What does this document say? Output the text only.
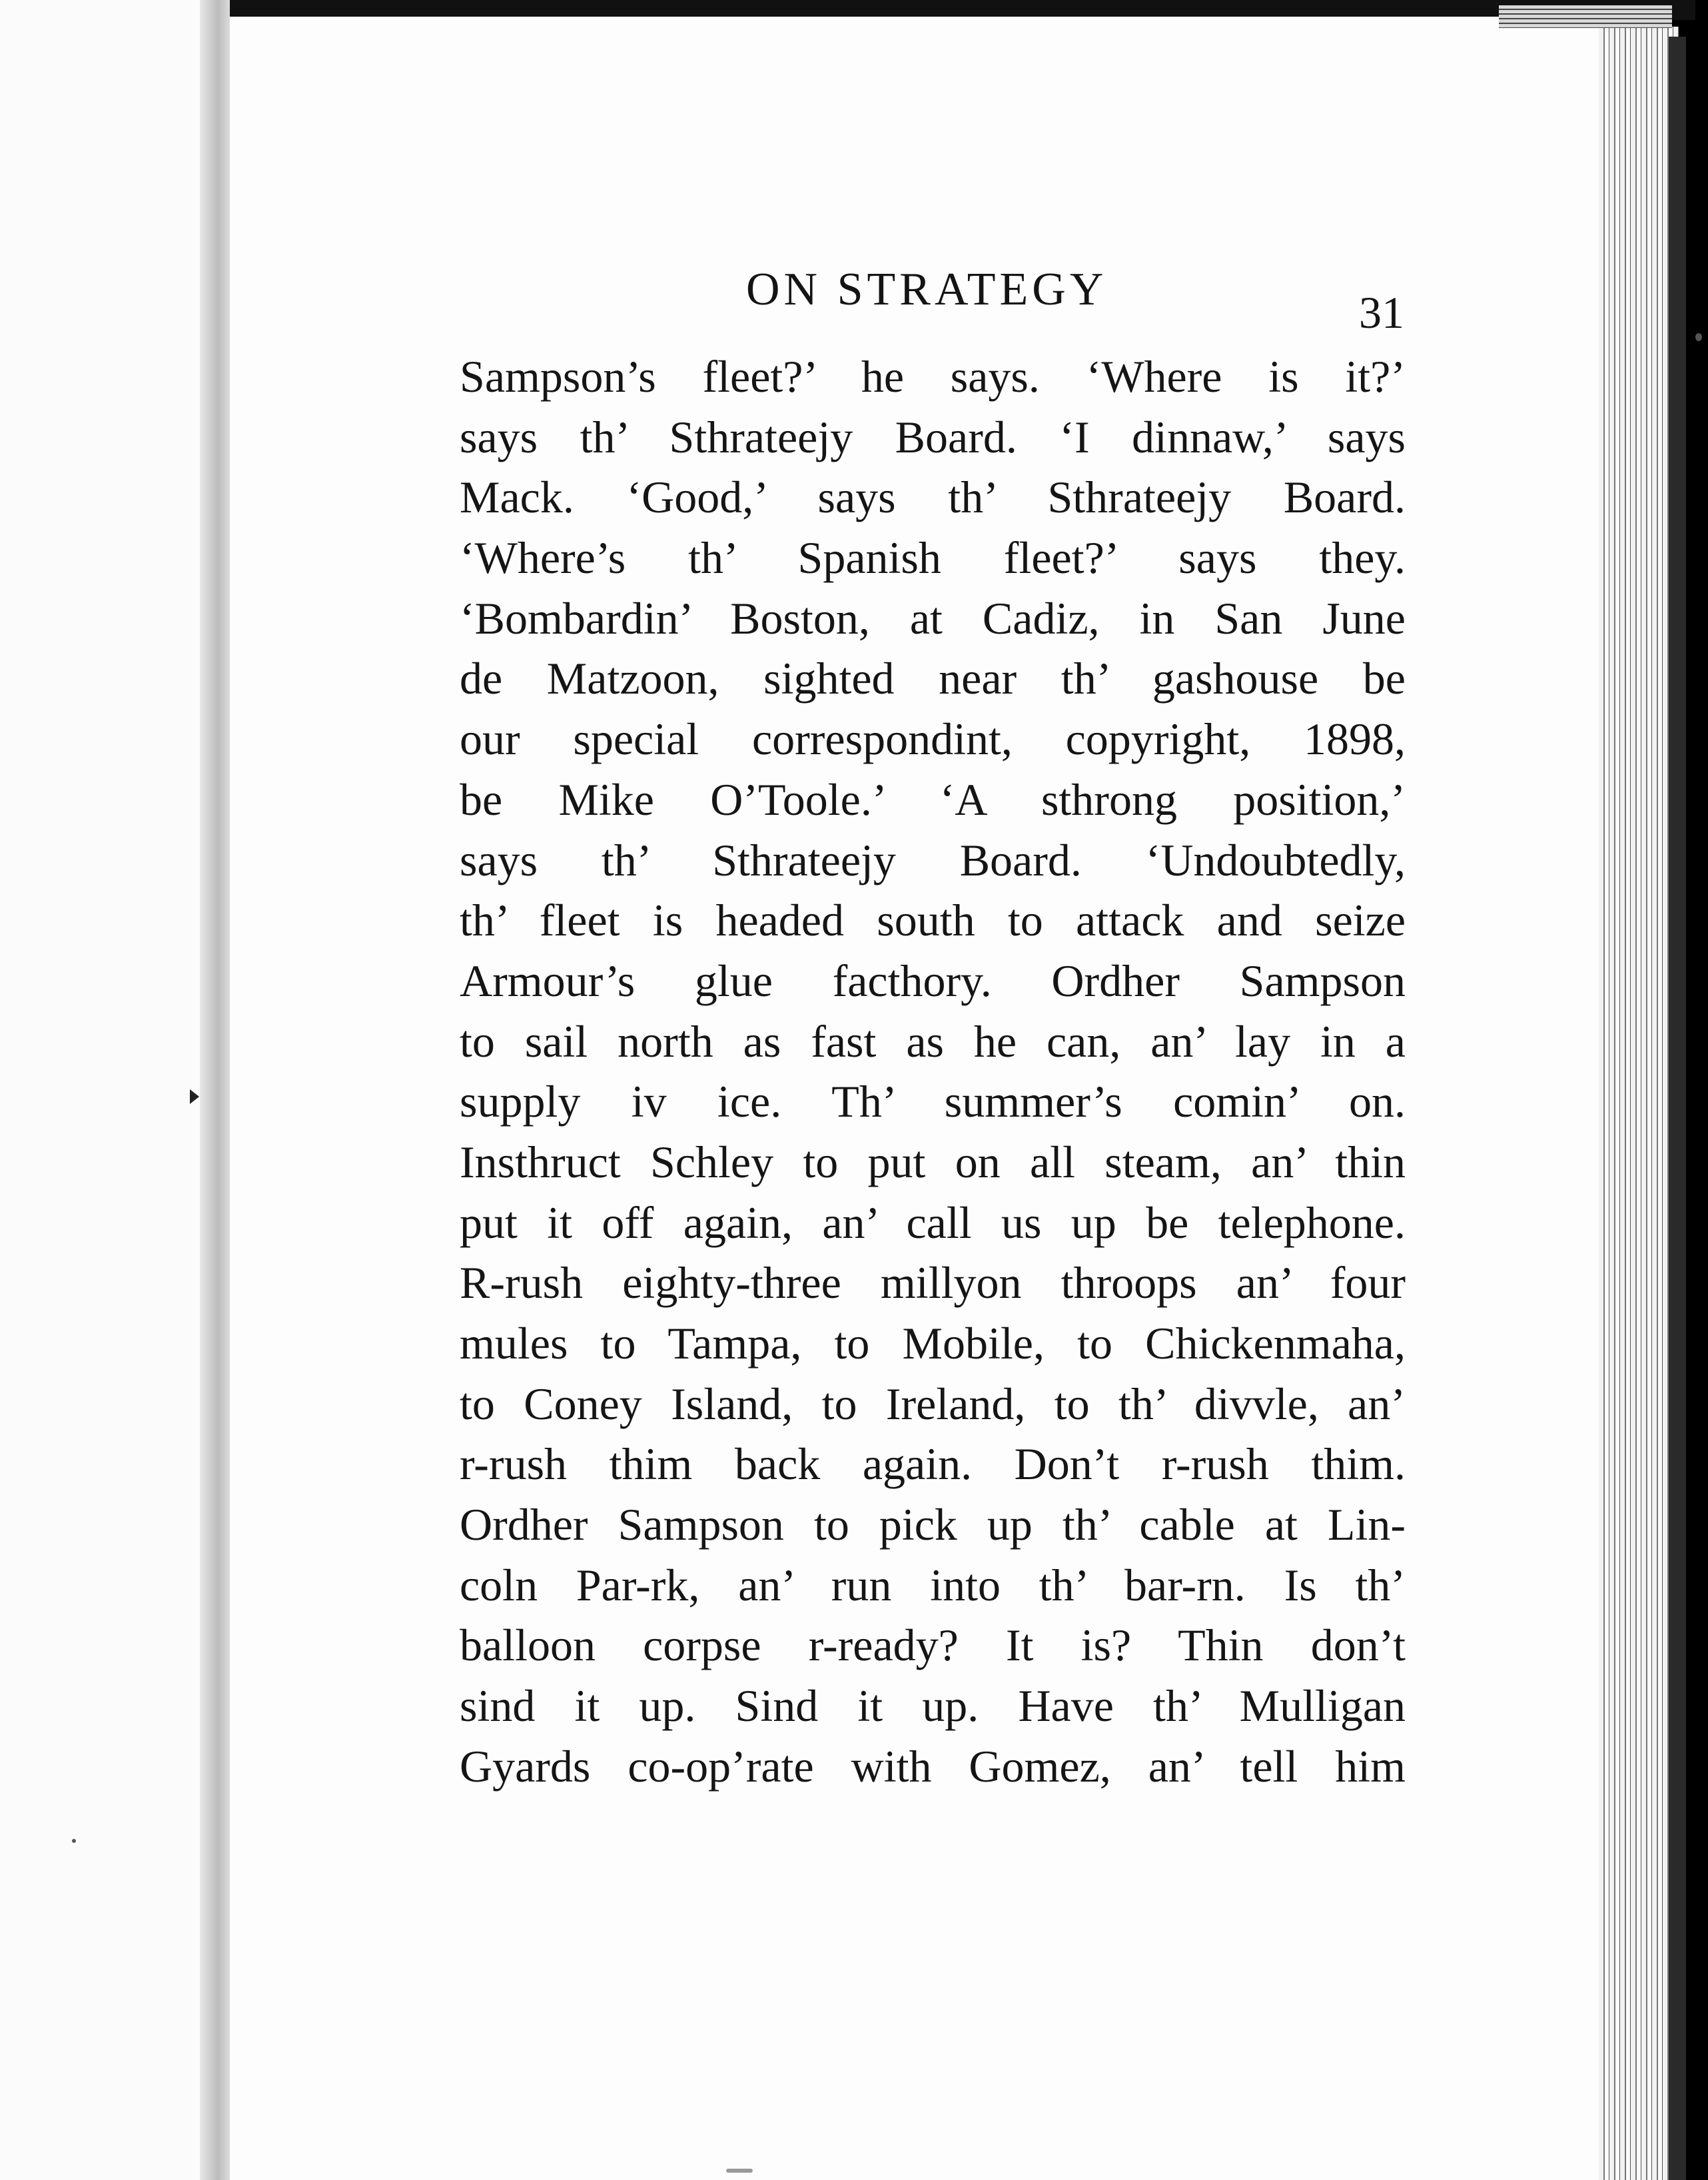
ON STRATEGY	31
Sampson’s fleet?’ he says. ‘Where is it?’
says th’ Sthrateejy Board. ‘I dinnaw,’ says
Mack. ‘Good,’ says th’ Sthrateejy Board.
‘Where’s th’ Spanish fleet?’ says they.
‘Bombardin’ Boston, at Cadiz, in San June
de Matzoon, sighted near th’ gashouse be
our special correspondint, copyright, 1898,
be Mike O’Toole.’ ‘A sthrong position,’
says th’ Sthrateejy Board. ‘Undoubtedly,
th’ fleet is headed south to attack and seize
Armour’s glue facthory. Ordher Sampson
to sail north as fast as he can, an’ lay in a
supply iv ice. Th’ summer’s comin’ on.
Insthruct Schley to put on all steam, an’ thin
put it off again, an’ call us up be telephone.
R-rush eighty-three millyon throops an’ four
mules to Tampa, to Mobile, to Chickenmaha,
to Coney Island, to Ireland, to th’ divvle, an’
r-rush thim back again. Don’t r-rush thim.
Ordher Sampson to pick up th’ cable at Lin-
coln Par-rk, an’ run into th’ bar-rn. Is th’
balloon corpse r-ready? It is? Thin don’t
sind it up. Sind it up. Have th’ Mulligan
Gyards co-op’rate with Gomez, an’ tell him
